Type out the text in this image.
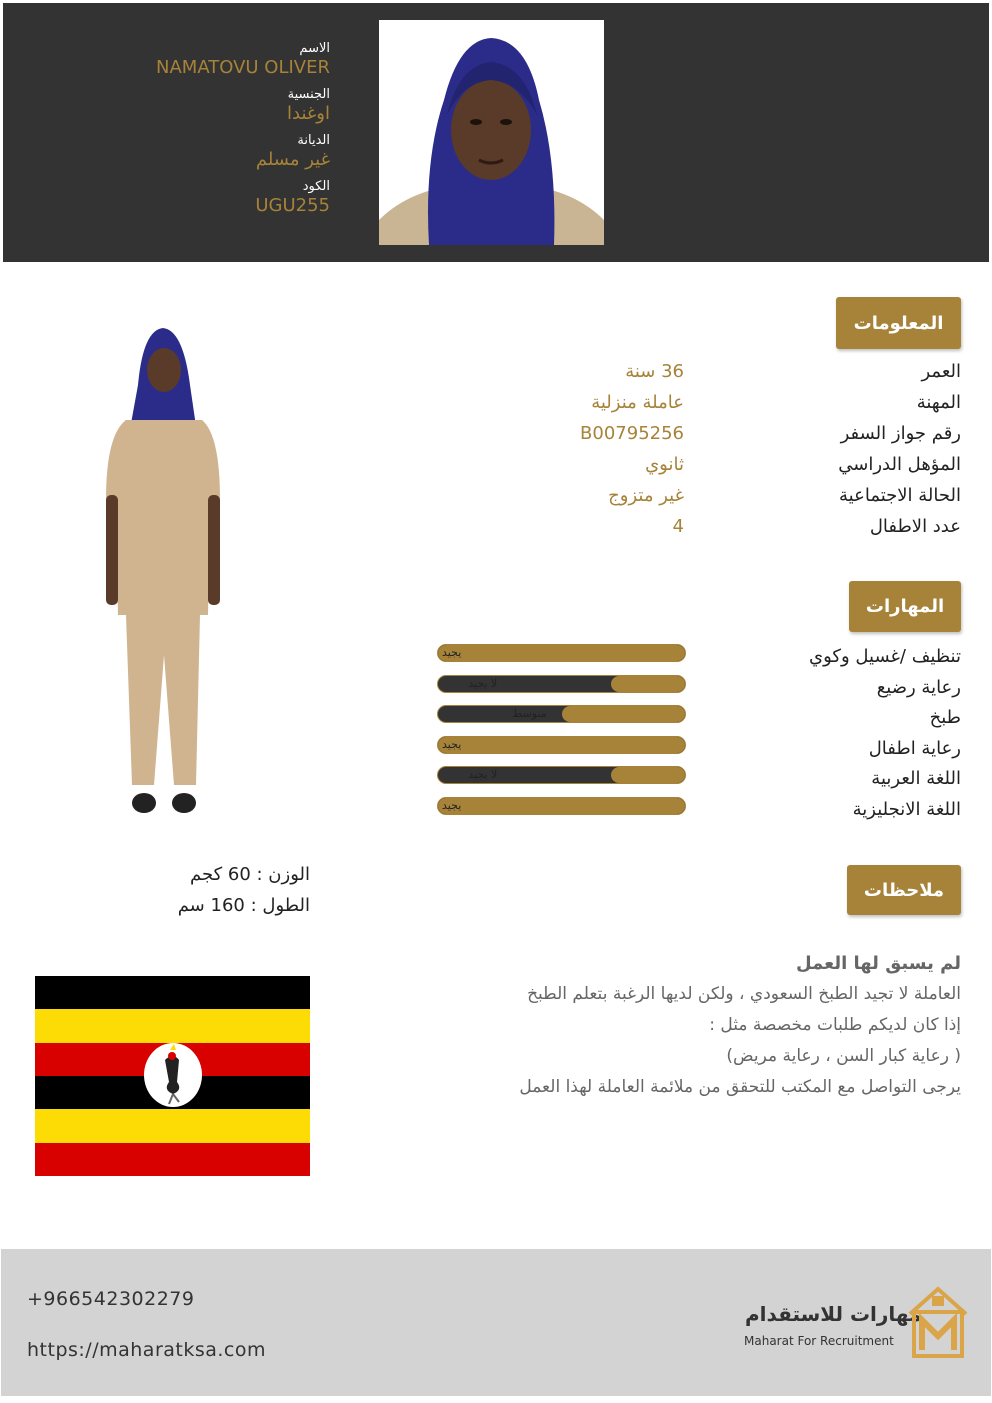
الاسم
NAMATOVU OLIVER
الجنسية
اوغندا
الديانة
غير مسلم
الكود
UGU255
المعلومات
العمر
36 سنة
المهنة
عاملة منزلية
رقم جواز السفر
B00795256
المؤهل الدراسي
ثانوي
الحالة الاجتماعية
غير متزوج
عدد الاطفال
4
المهارات
تنظيف /غسيل وكوي
يجيد
رعاية رضيع
لا يجيد
طبخ
متوسط
رعاية اطفال
يجيد
اللغة العربية
لا يجيد
اللغة الانجليزية
يجيد
ملاحظات
لم يسبق لها العمل
العاملة لا تجيد الطبخ السعودي ، ولكن لديها الرغبة بتعلم الطبخ
إذا كان لديكم طلبات مخصصة مثل :
( رعاية كبار السن ، رعاية مريض)
يرجى التواصل مع المكتب للتحقق من ملائمة العاملة لهذا العمل
الوزن : 60 كجم
الطول : 160 سم
+966542302279
https://maharatksa.com
مهارات للاستقدام
Maharat For Recruitment
